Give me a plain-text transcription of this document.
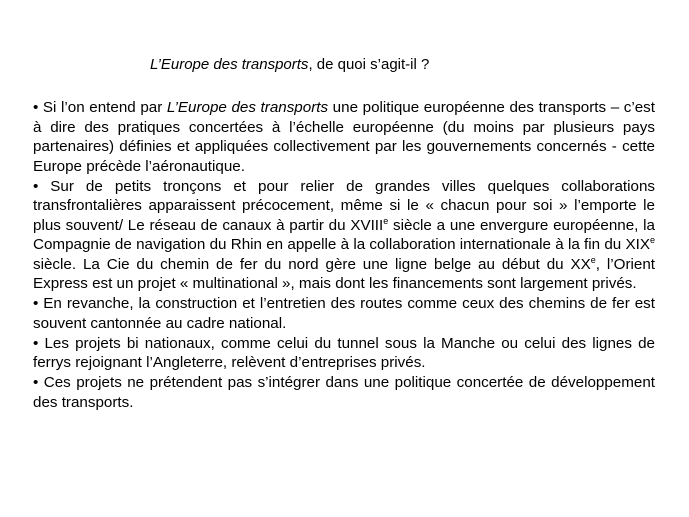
L’Europe des transports, de quoi s’agit-il ?

• Si l’on entend par L’Europe des transports une politique européenne des transports – c’est à dire des pratiques concertées à l’échelle européenne (du moins par plusieurs pays partenaires) définies et appliquées collectivement par les gouvernements concernés - cette Europe précède l’aéronautique.

• Sur de petits tronçons et pour relier de grandes villes quelques collaborations transfrontalières apparaissent précocement, même si le « chacun pour soi » l’emporte le plus souvent/ Le réseau de canaux à partir du XVIIIe siècle a une envergure européenne, la Compagnie de navigation du Rhin en appelle à la collaboration internationale à la fin du XIXe siècle. La Cie du chemin de fer du nord gère une ligne belge au début du XXe, l’Orient Express est un projet « multinational », mais dont les financements sont largement privés.

• En revanche, la construction et l’entretien des routes comme ceux des chemins de fer est souvent cantonnée au cadre national.

• Les projets bi nationaux, comme celui du tunnel sous la Manche ou celui des lignes de ferrys rejoignant l’Angleterre, relèvent d’entreprises privés.

• Ces projets ne prétendent pas s’intégrer dans une politique concertée de développement des transports.
